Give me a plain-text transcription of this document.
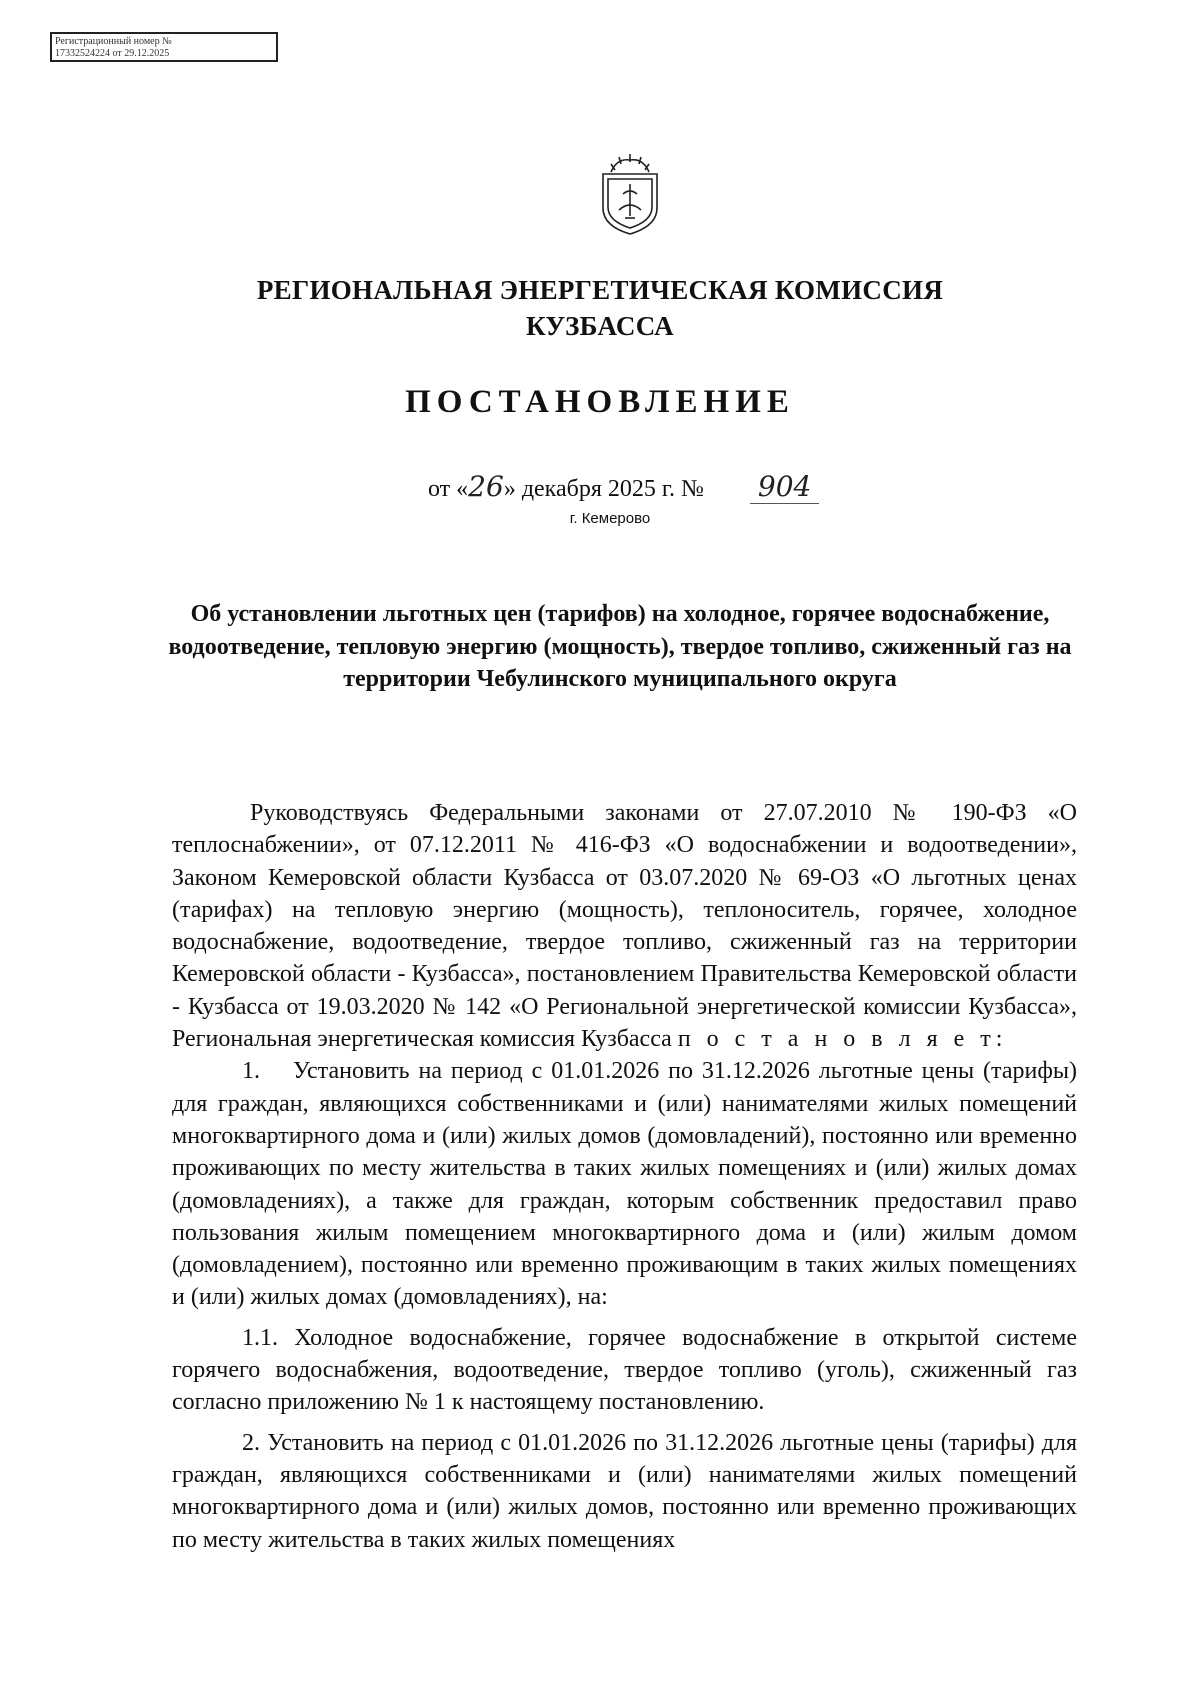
Регистрационный номер №
17332524224 от 29.12.2025
РЕГИОНАЛЬНАЯ ЭНЕРГЕТИЧЕСКАЯ КОМИССИЯ
КУЗБАССА
ПОСТАНОВЛЕНИЕ
от «26» декабря 2025 г. № 904
г. Кемерово
Об установлении льготных цен (тарифов) на холодное, горячее водоснабжение, водоотведение, тепловую энергию (мощность), твердое топливо, сжиженный газ на территории Чебулинского муниципального округа

Руководствуясь Федеральными законами от 27.07.2010 № 190-ФЗ «О теплоснабжении», от 07.12.2011 № 416-ФЗ «О водоснабжении и водоотведении», Законом Кемеровской области Кузбасса от 03.07.2020 № 69-ОЗ «О льготных ценах (тарифах) на тепловую энергию (мощность), теплоноситель, горячее, холодное водоснабжение, водоотведение, твердое топливо, сжиженный газ на территории Кемеровской области - Кузбасса», постановлением Правительства Кемеровской области - Кузбасса от 19.03.2020 № 142 «О Региональной энергетической комиссии Кузбасса», Региональная энергетическая комиссия Кузбасса п о с т а н о в л я е т:

1.  Установить на период с 01.01.2026 по 31.12.2026 льготные цены (тарифы) для граждан, являющихся собственниками и (или) нанимателями жилых помещений многоквартирного дома и (или) жилых домов (домовладений), постоянно или временно проживающих по месту жительства в таких жилых помещениях и (или) жилых домах (домовладениях), а также для граждан, которым собственник предоставил право пользования жилым помещением многоквартирного дома и (или) жилым домом (домовладением), постоянно или временно проживающим в таких жилых помещениях и (или) жилых домах (домовладениях), на:

1.1. Холодное водоснабжение, горячее водоснабжение в открытой системе горячего водоснабжения, водоотведение, твердое топливо (уголь), сжиженный газ согласно приложению № 1 к настоящему постановлению.

2. Установить на период с 01.01.2026 по 31.12.2026 льготные цены (тарифы) для граждан, являющихся собственниками и (или) нанимателями жилых помещений многоквартирного дома и (или) жилых домов, постоянно или временно проживающих по месту жительства в таких жилых помещениях
